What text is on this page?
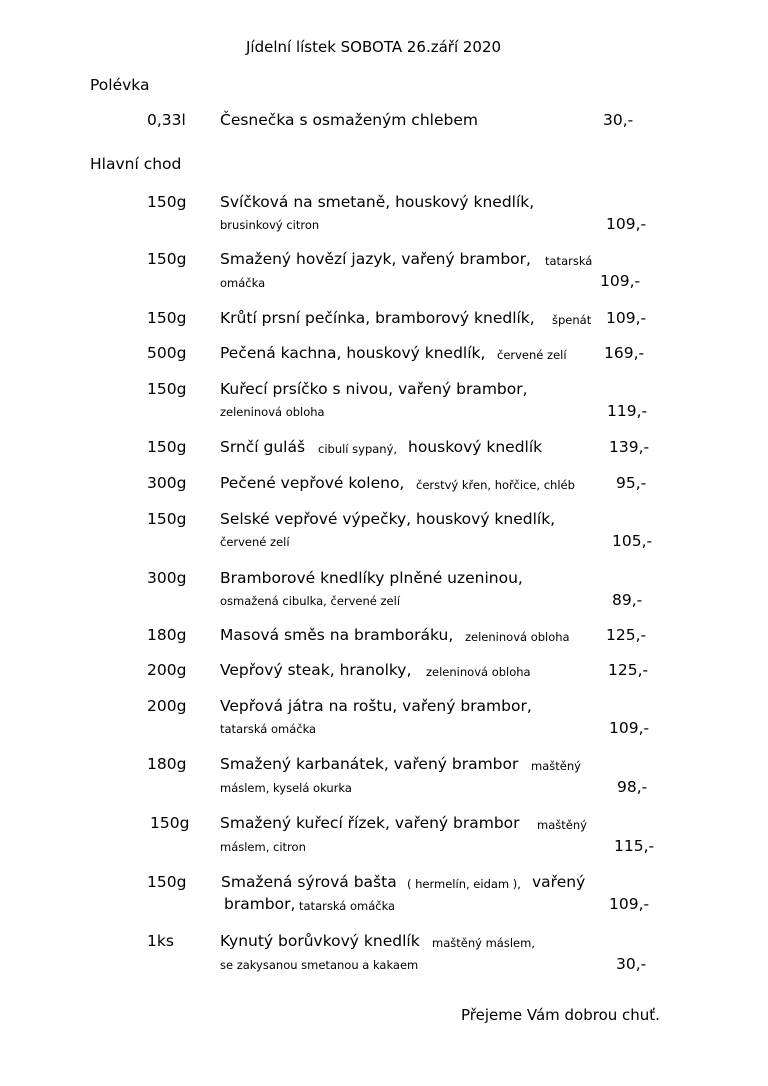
Jídelní lístek SOBOTA 26.září 2020
Polévka
0,33l Česnečka s osmaženým chlebem	30,-
Hlavní chod
150g Svíčková na smetaně, houskový knedlík,
brusinkový citron	109,-
150g Smažený hovězí jazyk, vařený brambor, tatarská
omáčka	109,-
150g Krůtí prsní pečínka, bramborový knedlík, špenát 109,-
500g Pečená kachna, houskový knedlík, červené zelí 169,-
150g Kuřecí prsíčko s nivou, vařený brambor,
zeleninová obloha	119,-
150g Srnčí guláš cibulí sypaný, houskový knedlík	139,-
300g Pečené vepřové koleno, čerstvý křen, hořčice, chléb	95,-
150g Selské vepřové výpečky, houskový knedlík,
červené zelí	105,-
300g Bramborové knedlíky plněné uzeninou,
osmažená cibulka, červené zelí	89,-
180g Masová směs na bramboráku, zeleninová obloha 125,-
200g Vepřový steak, hranolky, zeleninová obloha	125,-
200g Vepřová játra na roštu, vařený brambor,
tatarská omáčka	109,-
180g Smažený karbanátek, vařený brambor maštěný
máslem, kyselá okurka	98,-
150g Smažený kuřecí řízek, vařený brambor maštěný
máslem, citron	115,-
150g Smažená sýrová bašta ( hermelín, eidam ), vařený
brambor, tatarská omáčka	109,-
1ks	Kynutý borůvkový knedlík maštěný máslem,
se zakysanou smetanou a kakaem	30,-
Přejeme Vám dobrou chuť.
